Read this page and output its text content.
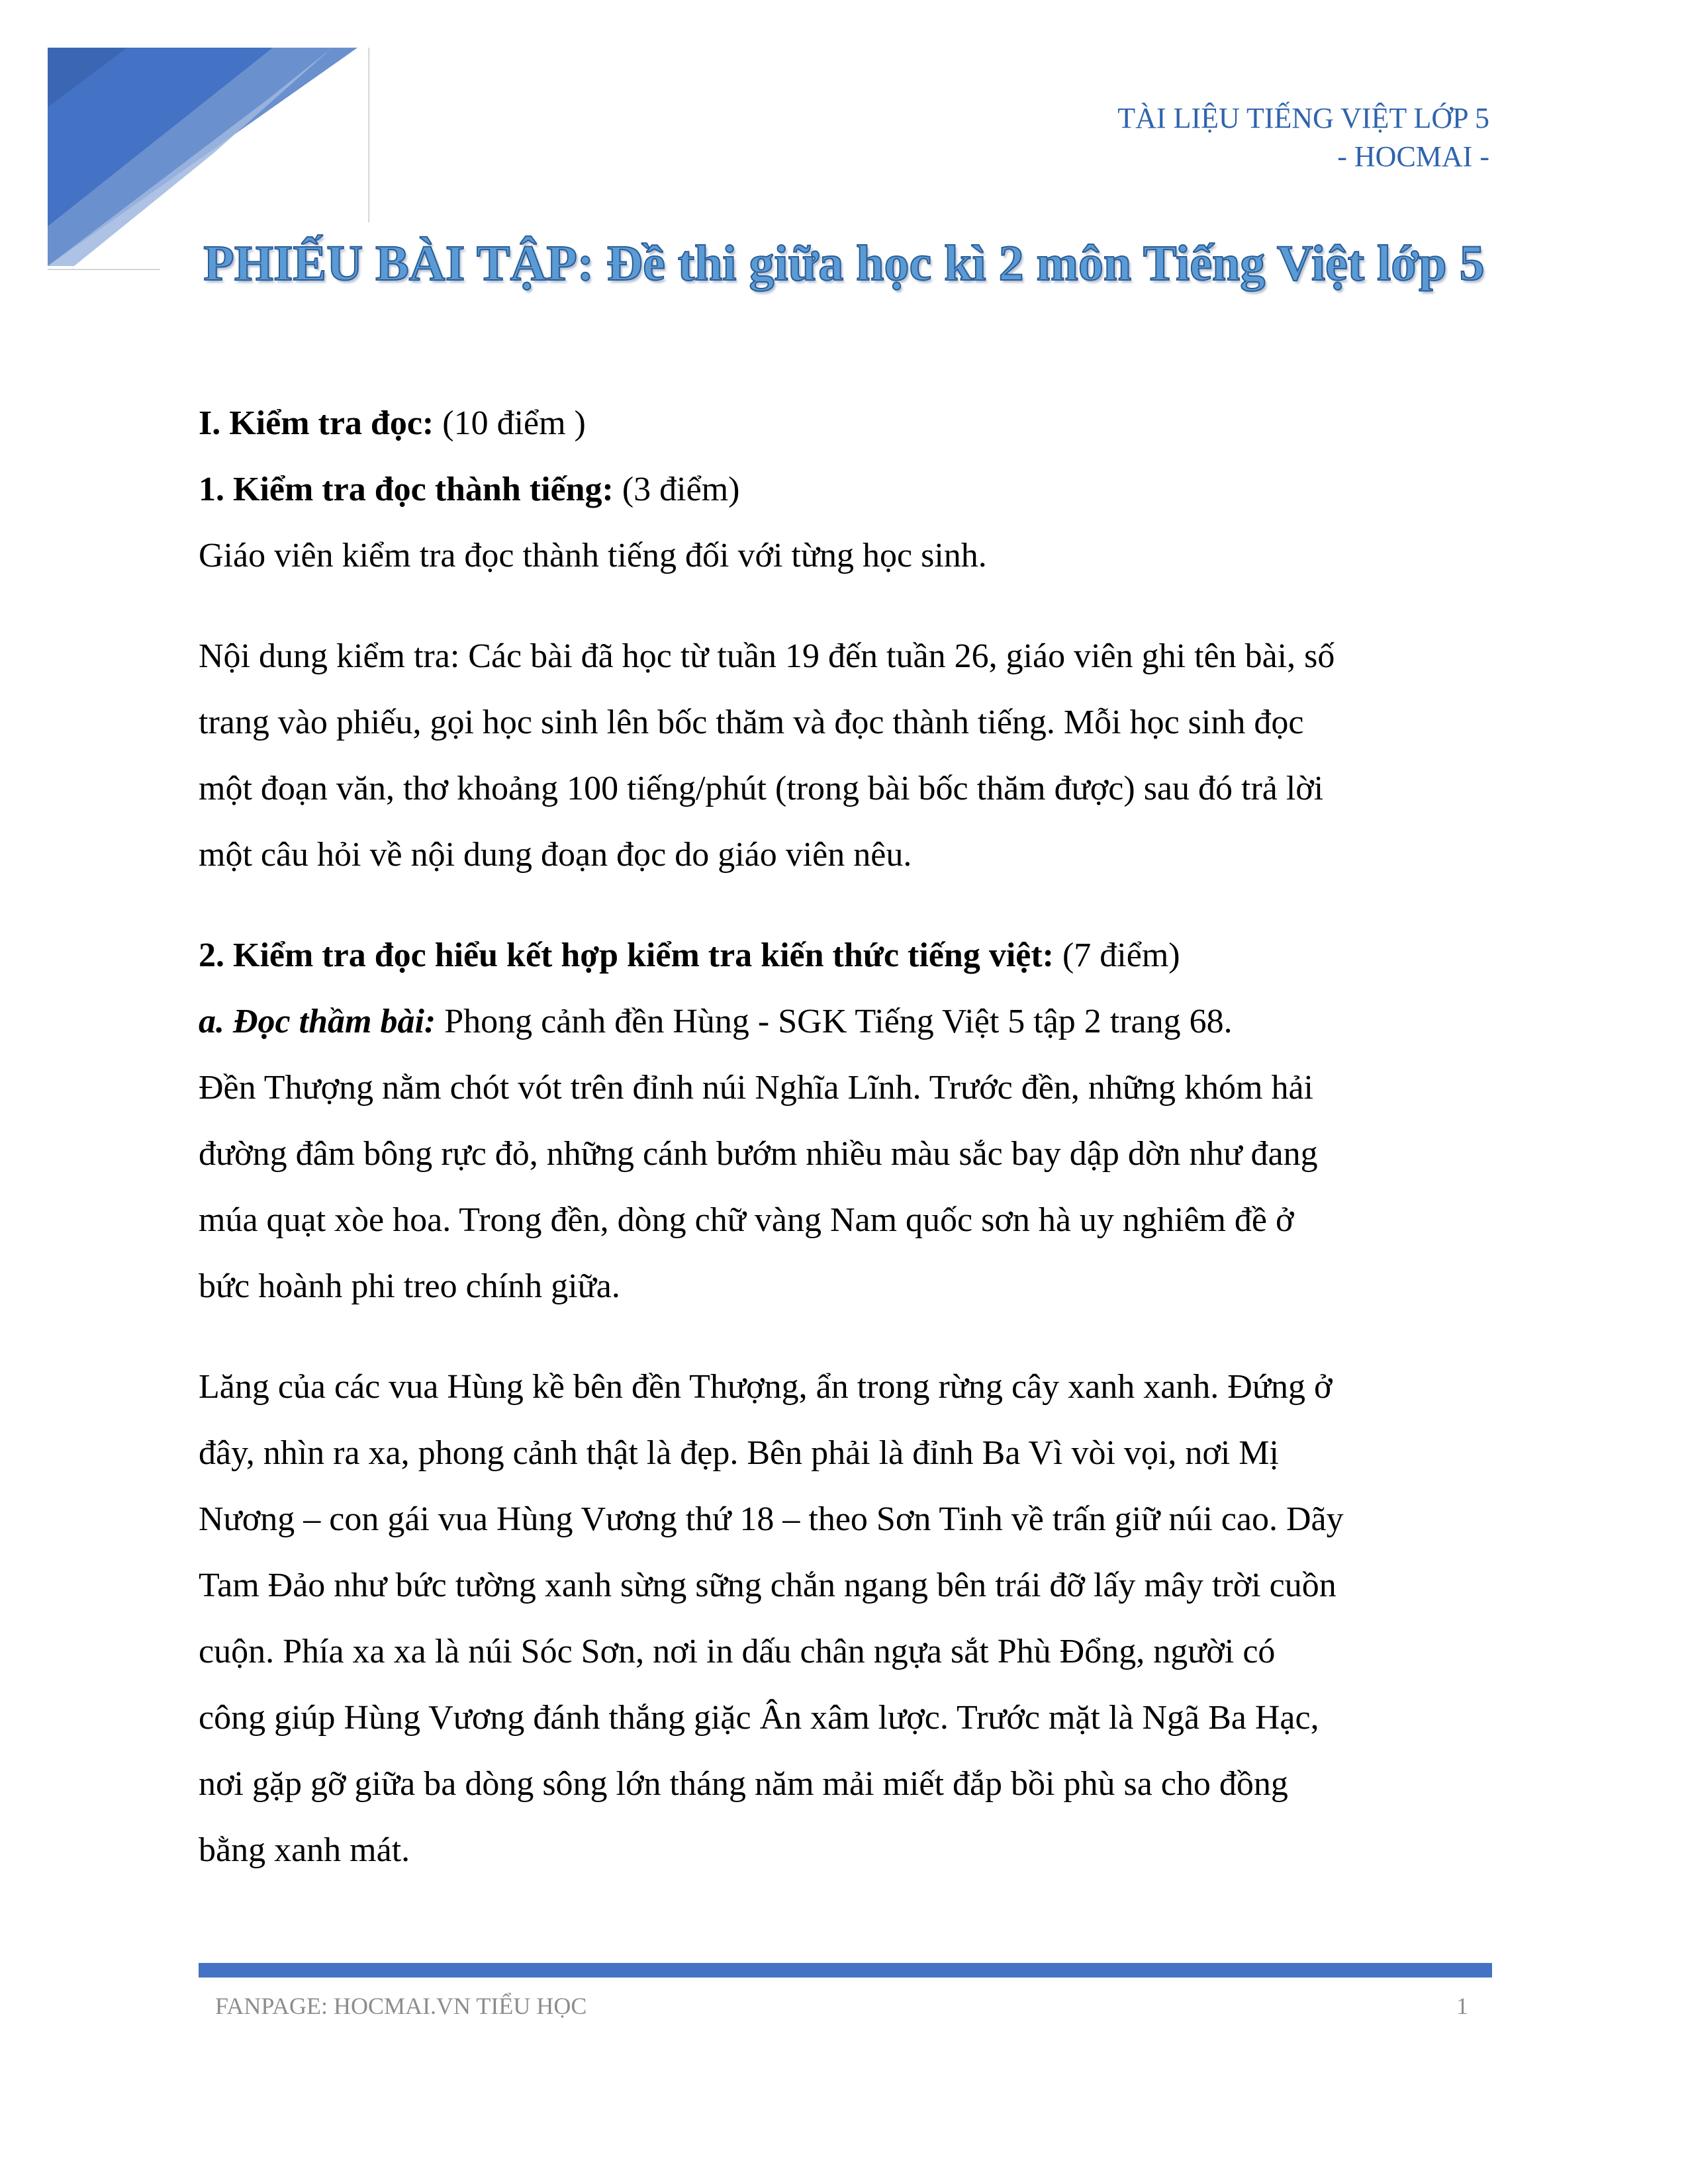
TÀI LIỆU TIẾNG VIỆT LỚP 5
- HOCMAI -
PHIẾU BÀI TẬP: Đề thi giữa học kì 2 môn Tiếng Việt lớp 5

I. Kiểm tra đọc: (10 điểm )

1. Kiểm tra đọc thành tiếng: (3 điểm)

Giáo viên kiểm tra đọc thành tiếng đối với từng học sinh.

Nội dung kiểm tra: Các bài đã học từ tuần 19 đến tuần 26, giáo viên ghi tên bài, số

trang vào phiếu, gọi học sinh lên bốc thăm và đọc thành tiếng. Mỗi học sinh đọc

một đoạn văn, thơ khoảng 100 tiếng/phút (trong bài bốc thăm được) sau đó trả lời

một câu hỏi về nội dung đoạn đọc do giáo viên nêu.

2. Kiểm tra đọc hiểu kết hợp kiểm tra kiến thức tiếng việt: (7 điểm)

a. Đọc thầm bài: Phong cảnh đền Hùng - SGK Tiếng Việt 5 tập 2 trang 68.

Đền Thượng nằm chót vót trên đỉnh núi Nghĩa Lĩnh. Trước đền, những khóm hải

đường đâm bông rực đỏ, những cánh bướm nhiều màu sắc bay dập dờn như đang

múa quạt xòe hoa. Trong đền, dòng chữ vàng Nam quốc sơn hà uy nghiêm đề ở

bức hoành phi treo chính giữa.

Lăng của các vua Hùng kề bên đền Thượng, ẩn trong rừng cây xanh xanh. Đứng ở

đây, nhìn ra xa, phong cảnh thật là đẹp. Bên phải là đỉnh Ba Vì vòi vọi, nơi Mị

Nương – con gái vua Hùng Vương thứ 18 – theo Sơn Tinh về trấn giữ núi cao. Dãy

Tam Đảo như bức tường xanh sừng sững chắn ngang bên trái đỡ lấy mây trời cuồn

cuộn. Phía xa xa là núi Sóc Sơn, nơi in dấu chân ngựa sắt Phù Đổng, người có

công giúp Hùng Vương đánh thắng giặc Ân xâm lược. Trước mặt là Ngã Ba Hạc,

nơi gặp gỡ giữa ba dòng sông lớn tháng năm mải miết đắp bồi phù sa cho đồng

bằng xanh mát.

FANPAGE: HOCMAI.VN TIỂU HỌC	1
